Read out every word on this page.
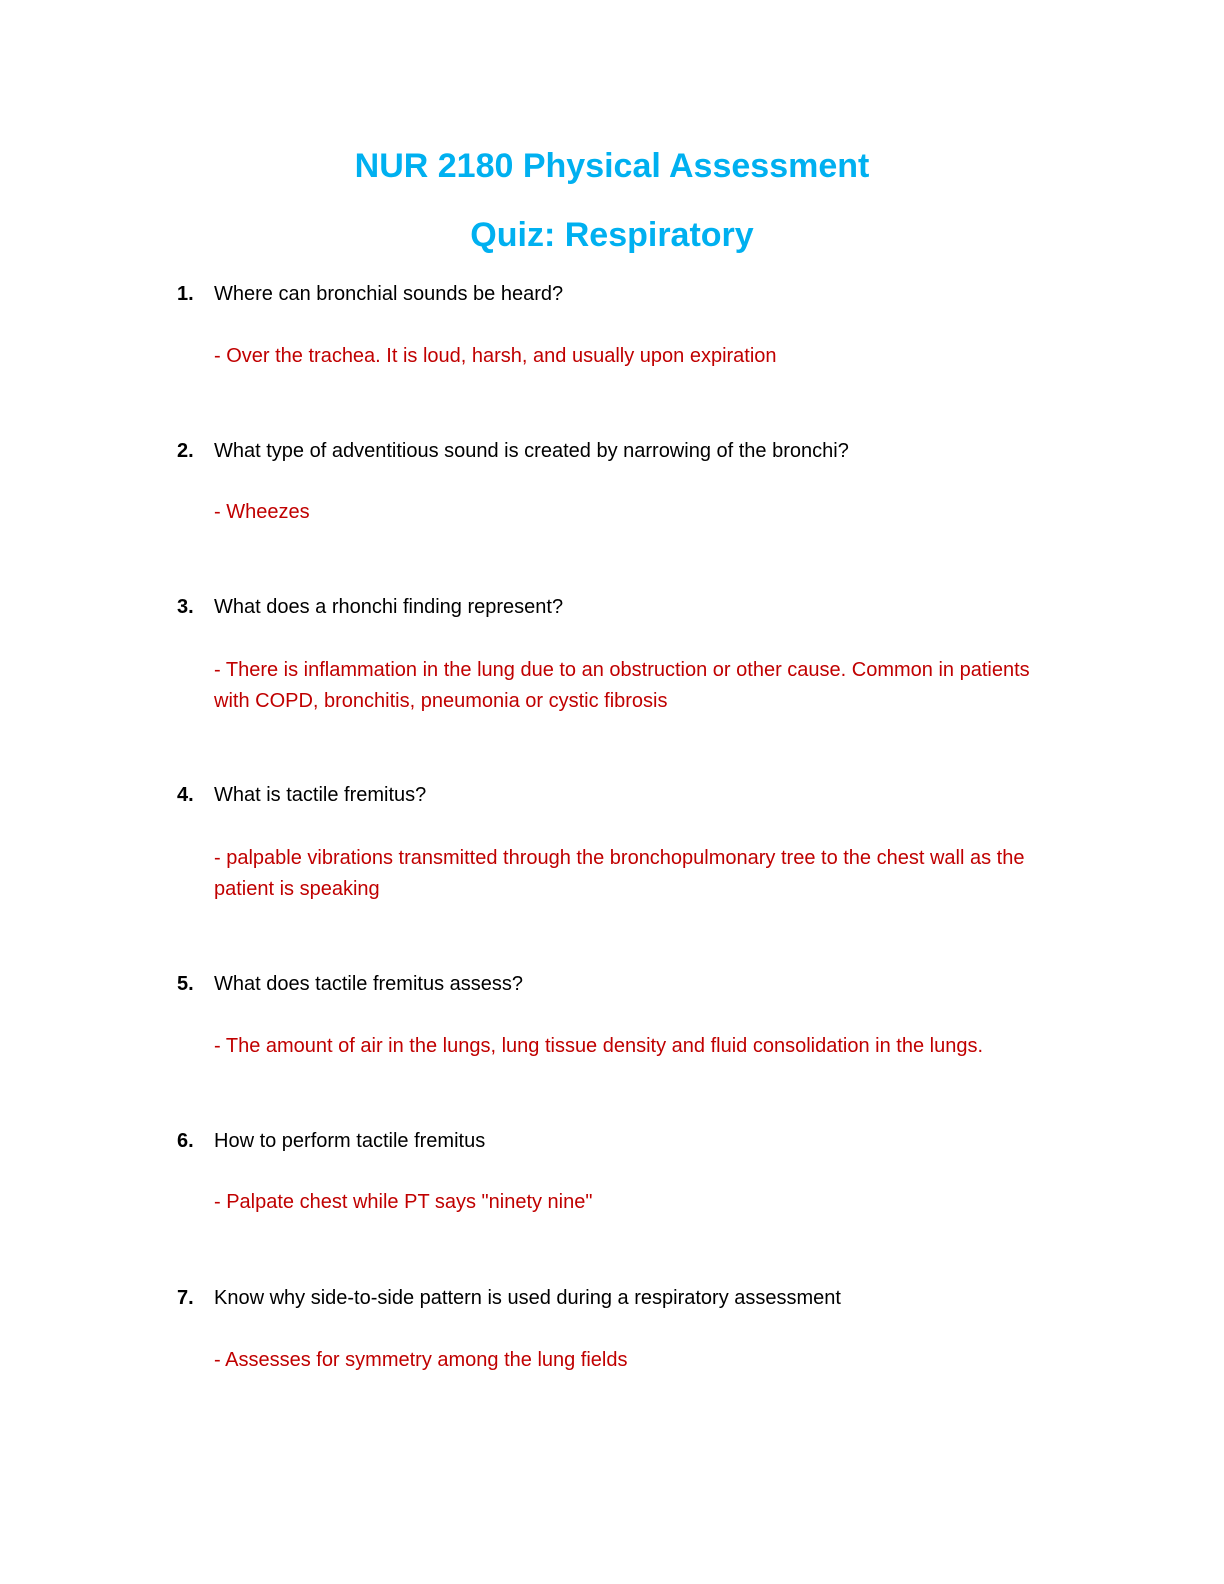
NUR 2180 Physical Assessment
Quiz: Respiratory
1. Where can bronchial sounds be heard?
- Over the trachea. It is loud, harsh, and usually upon expiration
2. What type of adventitious sound is created by narrowing of the bronchi?
- Wheezes
3. What does a rhonchi finding represent?
- There is inflammation in the lung due to an obstruction or other cause. Common in patients with COPD, bronchitis, pneumonia or cystic fibrosis
4. What is tactile fremitus?
- palpable vibrations transmitted through the bronchopulmonary tree to the chest wall as the patient is speaking
5. What does tactile fremitus assess?
- The amount of air in the lungs, lung tissue density and fluid consolidation in the lungs.
6. How to perform tactile fremitus
- Palpate chest while PT says "ninety nine"
7. Know why side-to-side pattern is used during a respiratory assessment
- Assesses for symmetry among the lung fields
